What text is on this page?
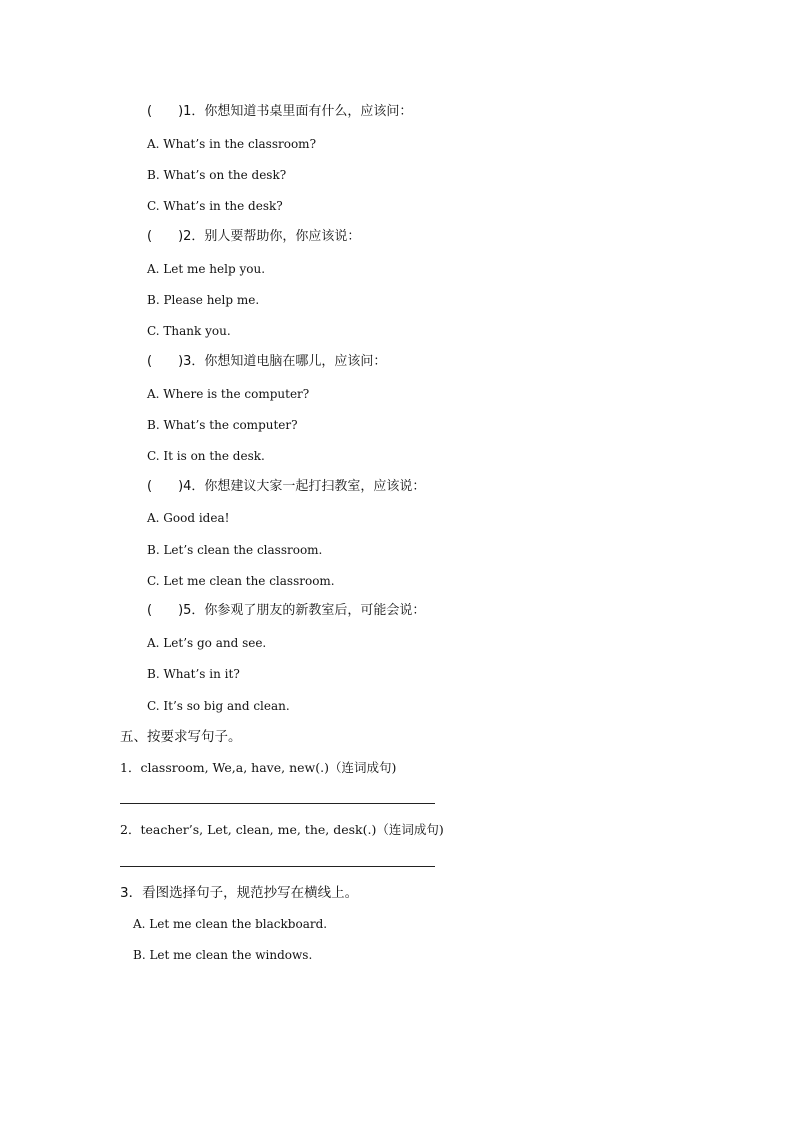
(　　)1．你想知道书桌里面有什么，应该问：
A. What’s in the classroom?
B. What’s on the desk?
C. What’s in the desk?
(　　)2．别人要帮助你，你应该说：
A. Let me help you.
B. Please help me.
C. Thank you.
(　　)3．你想知道电脑在哪儿，应该问：
A. Where is the computer?
B. What’s the computer?
C. It is on the desk.
(　　)4．你想建议大家一起打扫教室，应该说：
A. Good idea!
B. Let’s clean the classroom.
C. Let me clean the classroom.
(　　)5．你参观了朋友的新教室后，可能会说：
A. Let’s go and see.
B. What’s in it?
C. It’s so big and clean.
五、按要求写句子。
1．classroom, We,a, have, new(.)（连词成句)
2．teacher’s, Let, clean, me, the, desk(.)（连词成句)
3．看图选择句子，规范抄写在横线上。
A. Let me clean the blackboard.
B. Let me clean the windows.
